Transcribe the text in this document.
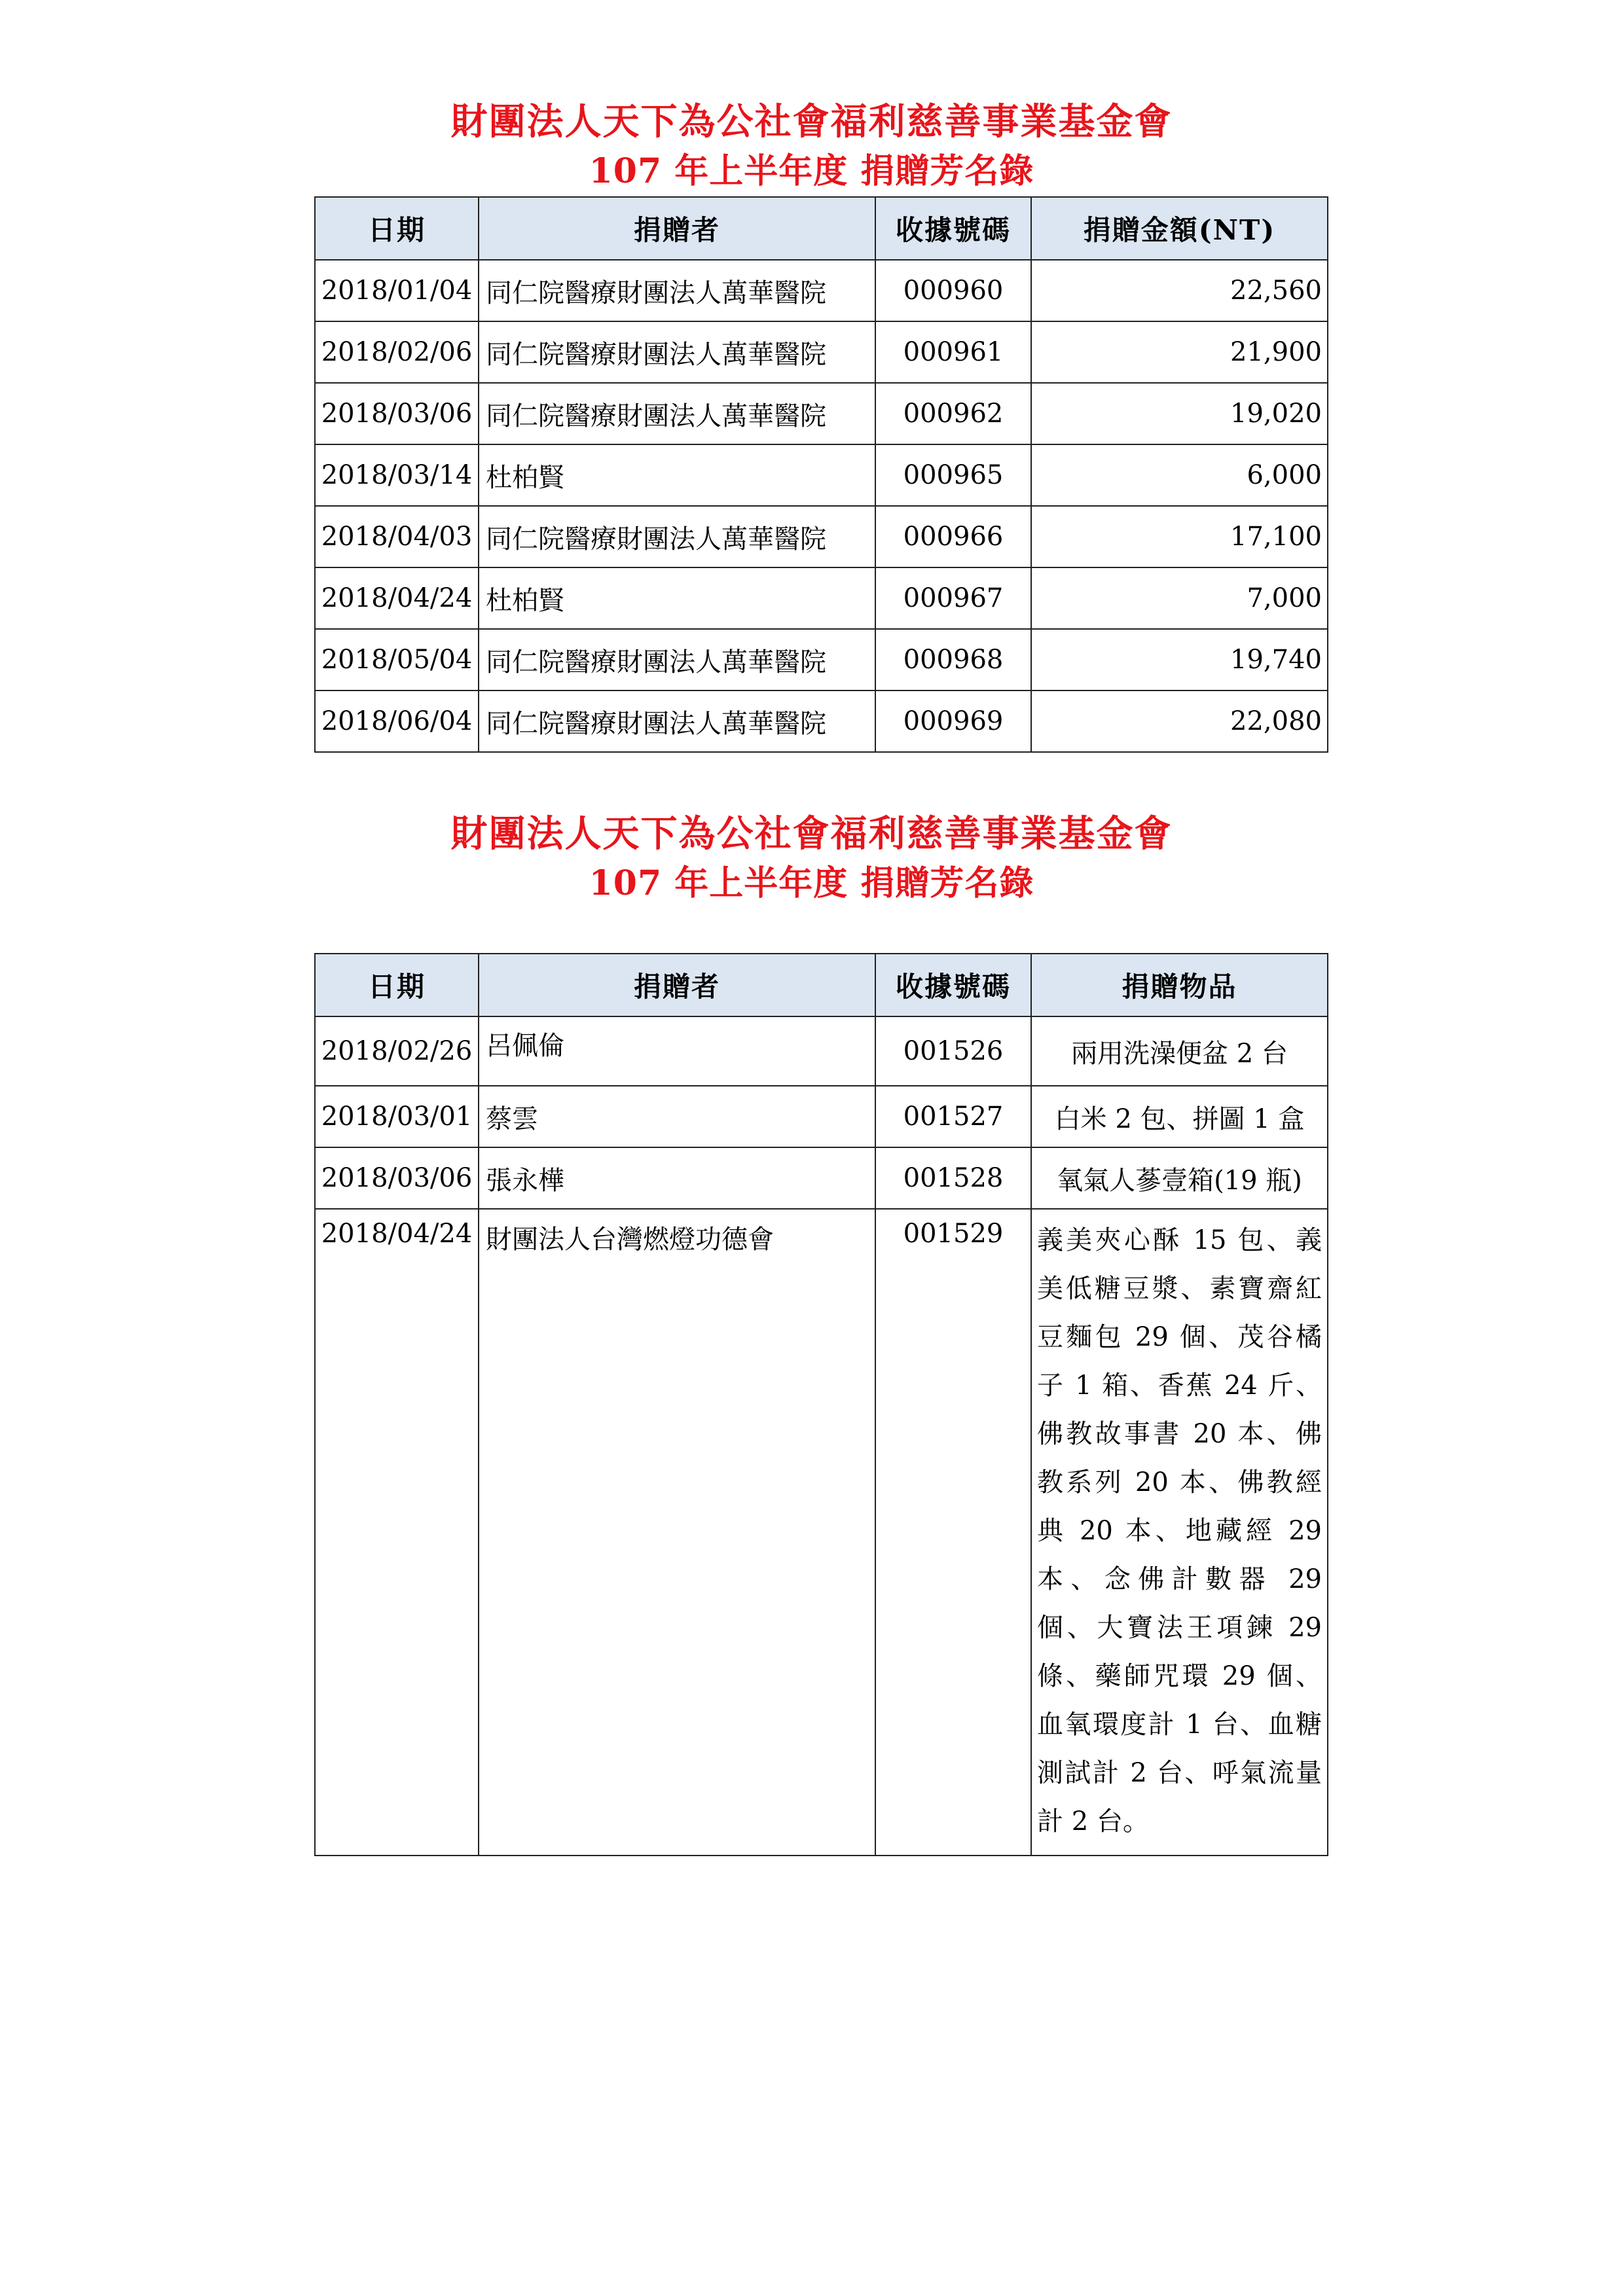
財團法人天下為公社會福利慈善事業基金會
107 年上半年度 捐贈芳名錄
日期	捐贈者	收據號碼	捐贈金額(NT)
2018/01/04	同仁院醫療財團法人萬華醫院	000960	22,560
2018/02/06	同仁院醫療財團法人萬華醫院	000961	21,900
2018/03/06	同仁院醫療財團法人萬華醫院	000962	19,020
2018/03/14	杜柏賢	000965	6,000
2018/04/03	同仁院醫療財團法人萬華醫院	000966	17,100
2018/04/24	杜柏賢	000967	7,000
2018/05/04	同仁院醫療財團法人萬華醫院	000968	19,740
2018/06/04	同仁院醫療財團法人萬華醫院	000969	22,080
財團法人天下為公社會福利慈善事業基金會
107 年上半年度 捐贈芳名錄
日期	捐贈者	收據號碼	捐贈物品
2018/02/26	呂佩倫	001526	兩用洗澡便盆 2 台
2018/03/01	蔡雲	001527	白米 2 包、拼圖 1 盒
2018/03/06	張永樺	001528	氧氣人蔘壹箱(19 瓶)
2018/04/24	財團法人台灣燃燈功德會	001529	義美夾心酥 15 包、義美低糖豆漿、素寶齋紅豆麵包 29 個、茂谷橘子 1 箱、香蕉 24 斤、佛教故事書 20 本、佛教系列 20 本、佛教經典 20 本、地藏經 29 本、念佛計數器 29 個、大寶法王項鍊 29 條、藥師咒環 29 個、血氧環度計 1 台、血糖測試計 2 台、呼氣流量計 2 台。
